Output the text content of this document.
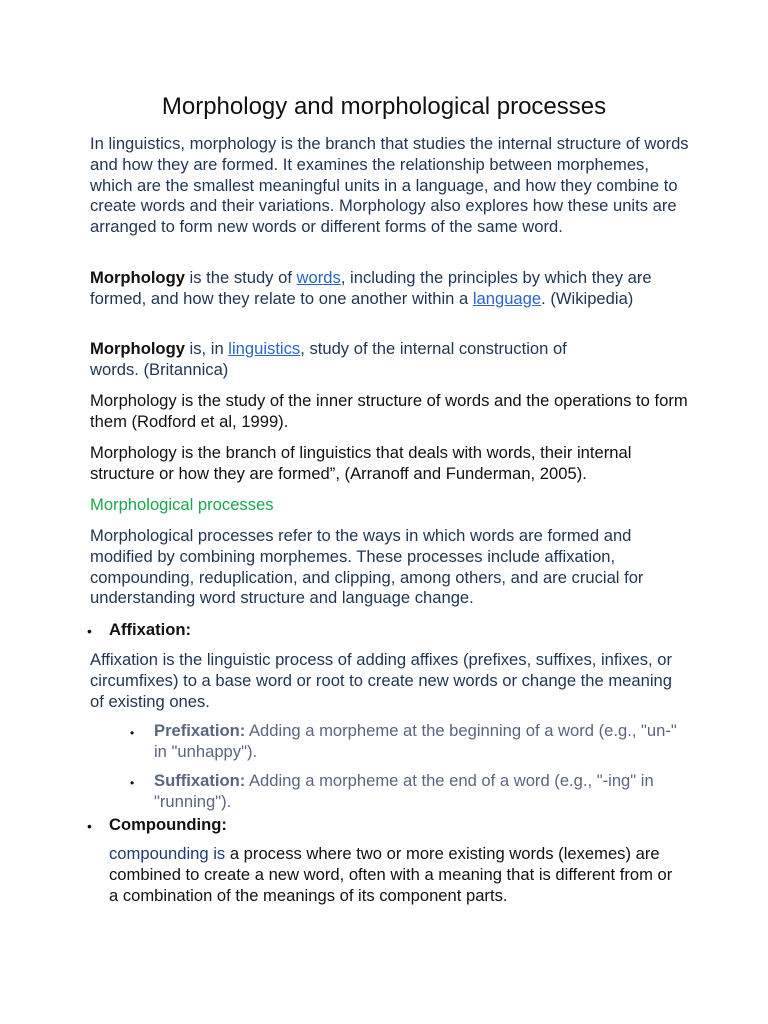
Morphology and morphological processes

In linguistics, morphology is the branch that studies the internal structure of words and how they are formed. It examines the relationship between morphemes, which are the smallest meaningful units in a language, and how they combine to create words and their variations. Morphology also explores how these units are arranged to form new words or different forms of the same word.

Morphology is the study of words, including the principles by which they are formed, and how they relate to one another within a language. (Wikipedia)

Morphology is, in linguistics, study of the internal construction of words. (Britannica)

Morphology is the study of the inner structure of words and the operations to form them (Rodford et al, 1999).

Morphology is the branch of linguistics that deals with words, their internal structure or how they are formed”, (Arranoff and Funderman, 2005).

Morphological processes

Morphological processes refer to the ways in which words are formed and modified by combining morphemes. These processes include affixation, compounding, reduplication, and clipping, among others, and are crucial for understanding word structure and language change.

• Affixation:

Affixation is the linguistic process of adding affixes (prefixes, suffixes, infixes, or circumfixes) to a base word or root to create new words or change the meaning of existing ones.

• Prefixation: Adding a morpheme at the beginning of a word (e.g., "un-" in "unhappy").

• Suffixation: Adding a morpheme at the end of a word (e.g., "-ing" in "running").

• Compounding:

compounding is a process where two or more existing words (lexemes) are combined to create a new word, often with a meaning that is different from or a combination of the meanings of its component parts.
